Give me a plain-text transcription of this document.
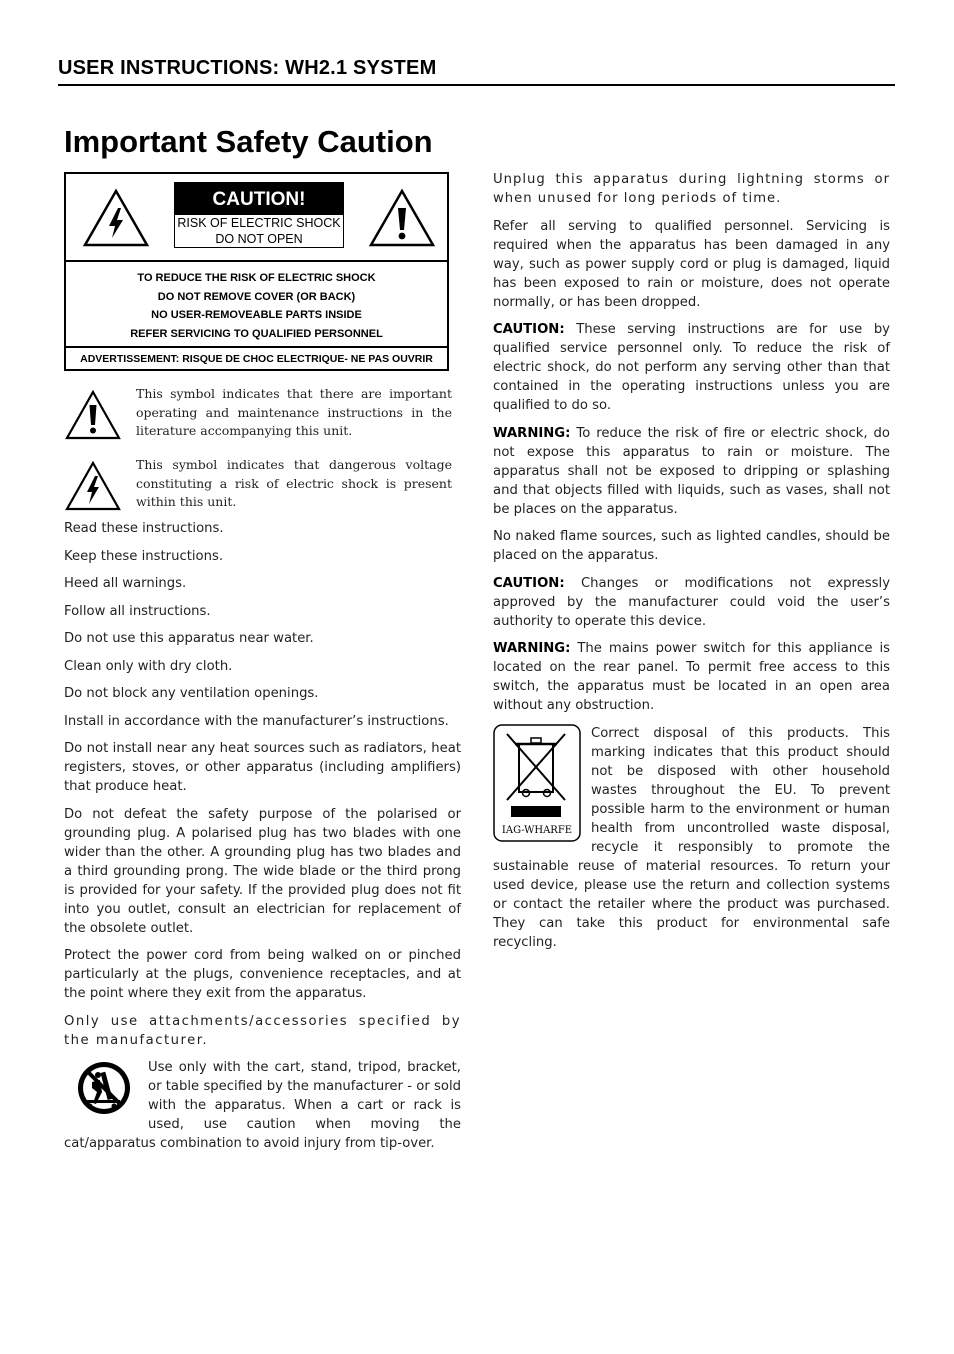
USER INSTRUCTIONS: WH2.1 SYSTEM
Important Safety Caution
CAUTION!
RISK OF ELECTRIC SHOCK
DO NOT OPEN
TO REDUCE THE RISK OF ELECTRIC SHOCK
DO NOT REMOVE COVER (OR BACK)
NO USER-REMOVEABLE PARTS INSIDE
REFER SERVICING TO QUALIFIED PERSONNEL
ADVERTISSEMENT: RISQUE DE CHOC ELECTRIQUE- NE PAS OUVRIR
This symbol indicates that there are important operating and maintenance instructions in the literature accompanying this unit.
This symbol indicates that dangerous voltage constituting a risk of electric shock is present within this unit.

Read these instructions.

Keep these instructions.

Heed all warnings.

Follow all instructions.

Do not use this apparatus near water.

Clean only with dry cloth.

Do not block any ventilation openings.

Install in accordance with the manufacturer’s instructions.

Do not install near any heat sources such as radiators, heat registers, stoves, or other apparatus (including amplifiers) that produce heat.

Do not defeat the safety purpose of the polarised or grounding plug. A polarised plug has two blades with one wider than the other. A grounding plug has two blades and a third grounding prong. The wide blade or the third prong is provided for your safety. If the provided plug does not fit into you outlet, consult an electrician for replacement of the obsolete outlet.

Protect the power cord from being walked on or pinched particularly at the plugs, convenience receptacles, and at the point where they exit from the apparatus.

Only use attachments/accessories specified by the manufacturer.

Use only with the cart, stand, tripod, bracket, or table specified by the manufacturer - or sold with the apparatus. When a cart or rack is used, use caution when moving the cat/apparatus combination to avoid injury from tip-over.

Unplug this apparatus during lightning storms or when unused for long periods of time.

Refer all serving to qualified personnel. Servicing is required when the apparatus has been damaged in any way, such as power supply cord or plug is damaged, liquid has been exposed to rain or moisture, does not operate normally, or has been dropped.

CAUTION: These serving instructions are for use by qualified service personnel only. To reduce the risk of electric shock, do not perform any serving other than that contained in the operating instructions unless you are qualified to do so.

WARNING: To reduce the risk of fire or electric shock, do not expose this apparatus to rain or moisture. The apparatus shall not be exposed to dripping or splashing and that objects filled with liquids, such as vases, shall not be places on the apparatus.

No naked flame sources, such as lighted candles, should be placed on the apparatus.

CAUTION: Changes or modifications not expressly approved by the manufacturer could void the user’s authority to operate this device.

WARNING: The mains power switch for this appliance is located on the rear panel. To permit free access to this switch, the apparatus must be located in an open area without any obstruction.

IAG-WHARFE

Correct disposal of this products. This marking indicates that this product should not be disposed with other household wastes throughout the EU. To prevent possible harm to the environment or human health from uncontrolled waste disposal, recycle it responsibly to promote the sustainable reuse of material resources. To return your used device, please use the return and collection systems or contact the retailer where the product was purchased. They can take this product for environmental safe recycling.
